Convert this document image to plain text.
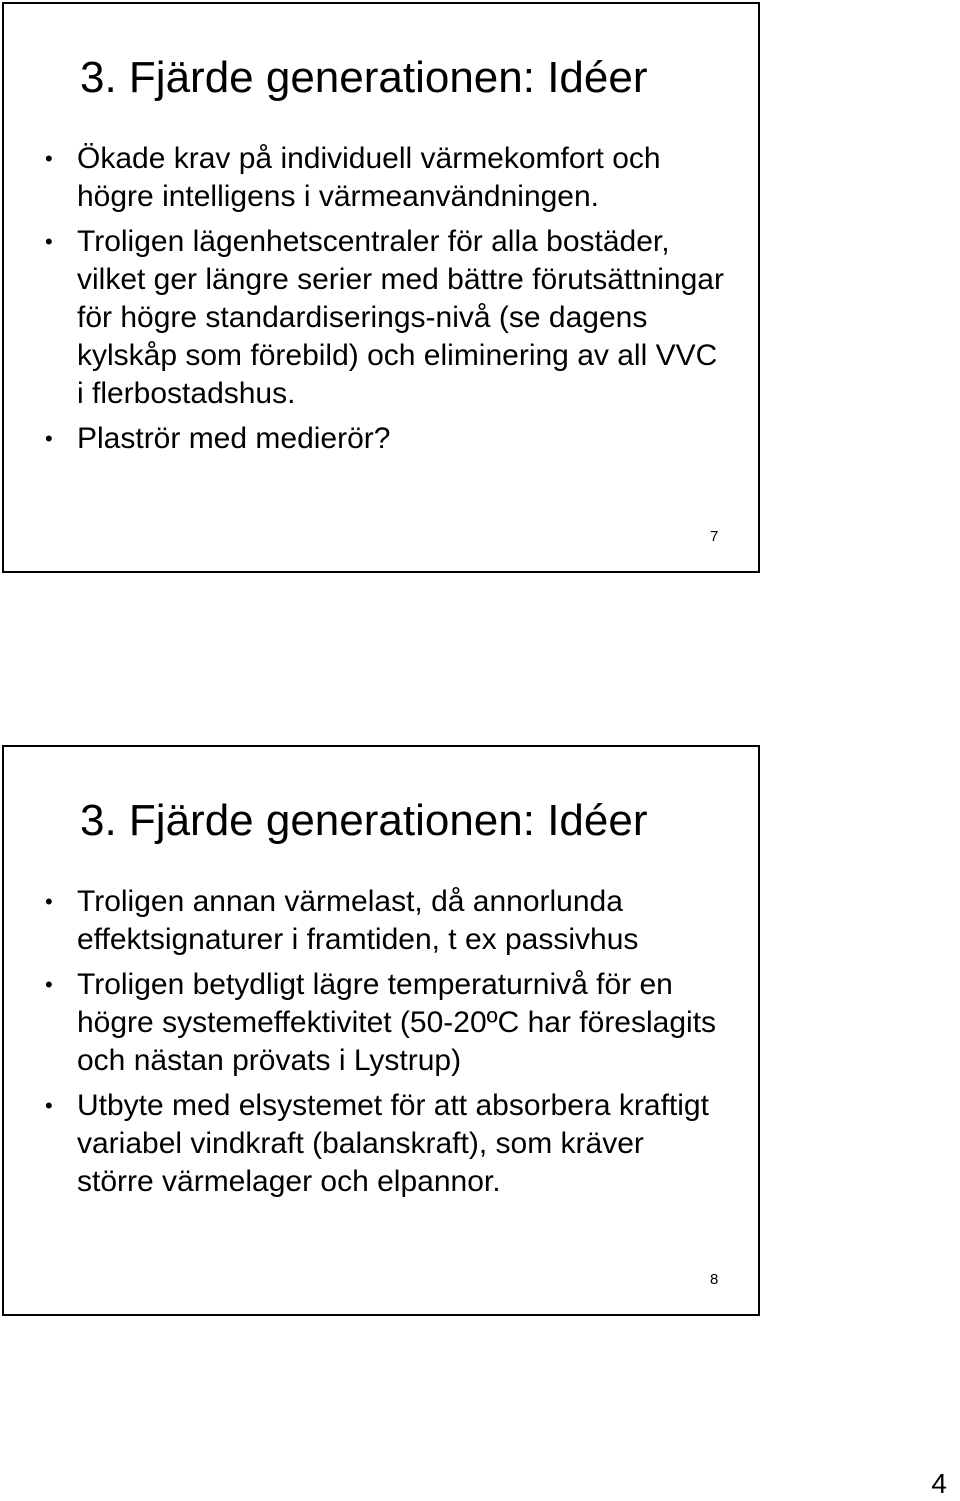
3. Fjärde generationen: Idéer
• Ökade krav på individuell värmekomfort och högre intelligens i värmeanvändningen.
• Troligen lägenhetscentraler för alla bostäder, vilket ger längre serier med bättre förutsättningar för högre standardiserings-nivå (se dagens kylskåp som förebild) och eliminering av all VVC i flerbostadshus.
• Plaströr med medierör?
7
3. Fjärde generationen: Idéer
• Troligen annan värmelast, då annorlunda effektsignaturer i framtiden, t ex passivhus
• Troligen betydligt lägre temperaturnivå för en högre systemeffektivitet (50-20ºC har föreslagits och nästan prövats i Lystrup)
• Utbyte med elsystemet för att absorbera kraftigt variabel vindkraft (balanskraft), som kräver större värmelager och elpannor.
8
4
